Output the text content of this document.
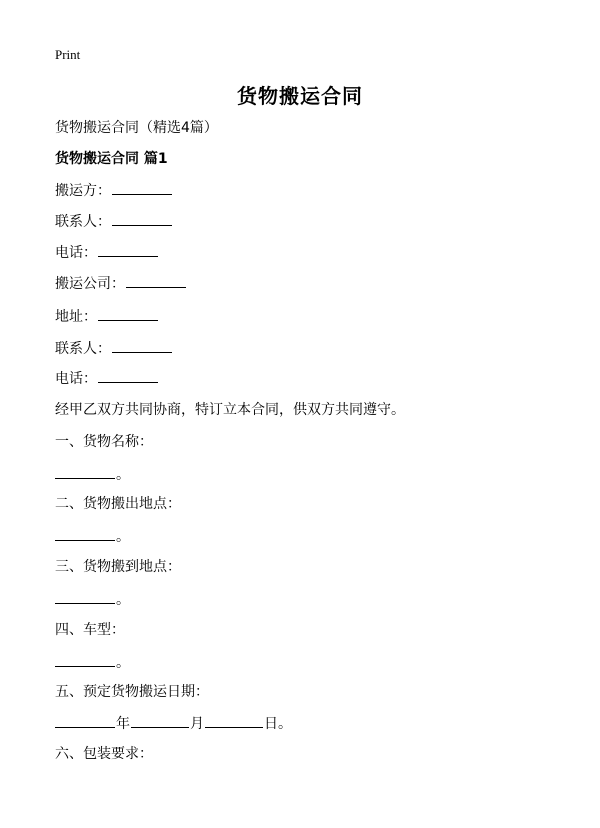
Print
货物搬运合同
货物搬运合同（精选4篇）
货物搬运合同 篇1
搬运方：
联系人：
电话：
搬运公司：
地址：
联系人：
电话：
经甲乙双方共同协商，特订立本合同，供双方共同遵守。
一、货物名称：
。
二、货物搬出地点：
。
三、货物搬到地点：
。
四、车型：
。
五、预定货物搬运日期：
年	月	日。
六、包装要求：
